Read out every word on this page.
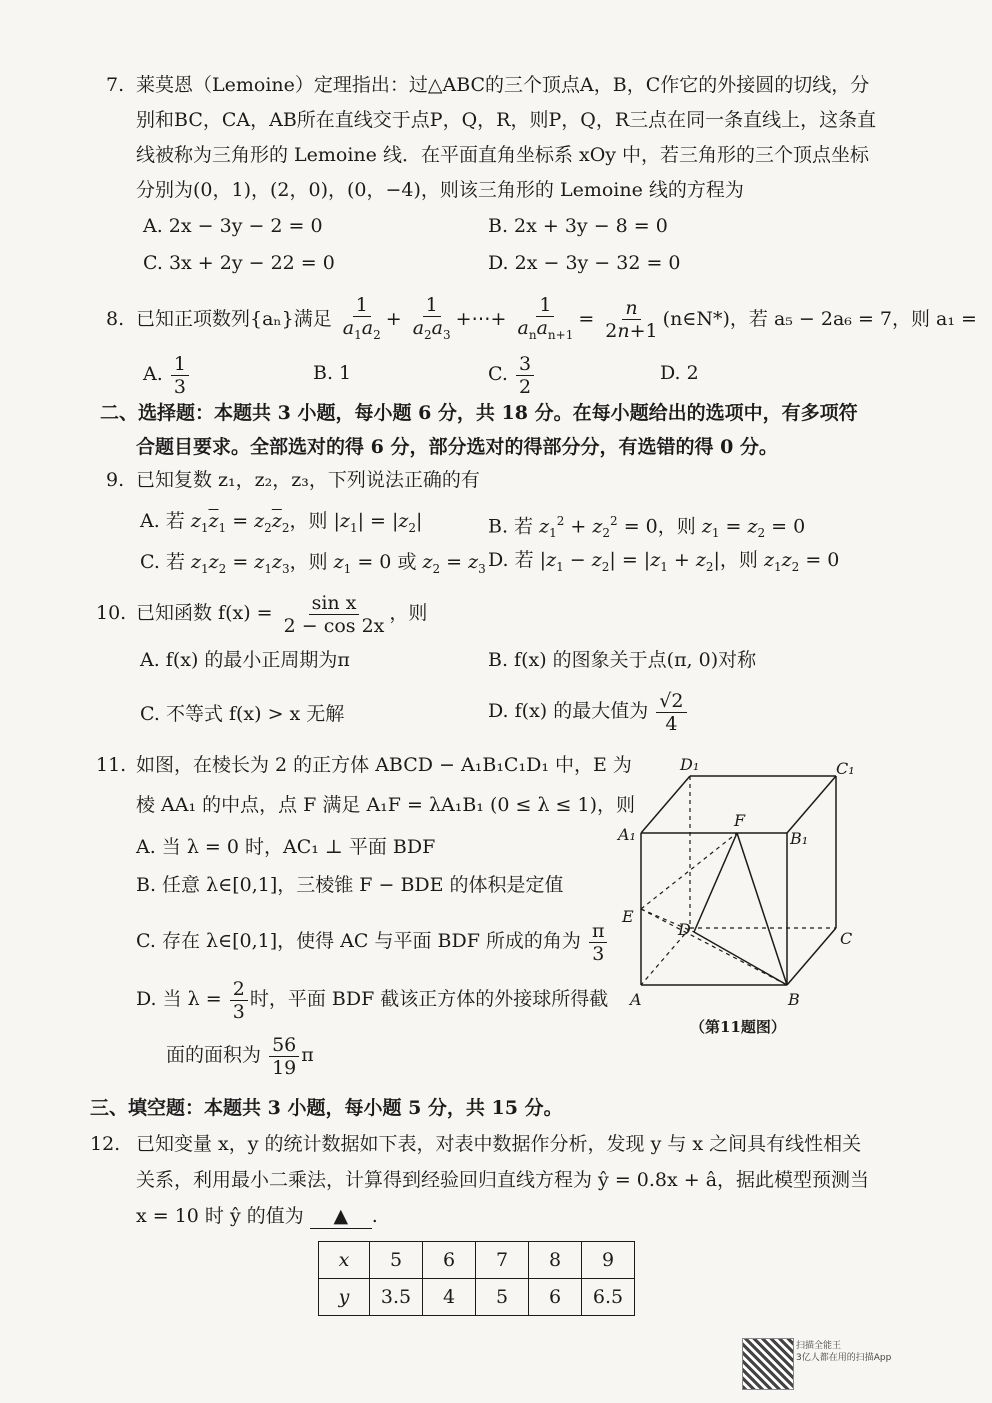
7. 莱莫恩（Lemoine）定理指出：过△ABC的三个顶点A，B，C作它的外接圆的切线，分
别和BC，CA，AB所在直线交于点P，Q，R，则P，Q，R三点在同一条直线上，这条直
线被称为三角形的 Lemoine 线．在平面直角坐标系 xOy 中，若三角形的三个顶点坐标
分别为(0，1)，(2，0)，(0，−4)，则该三角形的 Lemoine 线的方程为
A. 2x − 3y − 2 = 0	B. 2x + 3y − 8 = 0
C. 3x + 2y − 22 = 0	D. 2x − 3y − 32 = 0
8. 已知正项数列{aₙ}满足 $\frac{1}{a_1a_2} + \frac{1}{a_2a_3}$ +⋯+ $\frac{1}{a_na_{n+1}} = \frac{n}{2n+1}$ (n∈N*)，若 a₅ − 2a₆ = 7，则 a₁ =
A. $\frac{1}{3}$	B. 1	C. $\frac{3}{2}$	D. 2
二、选择题：本题共 3 小题，每小题 6 分，共 18 分。在每小题给出的选项中，有多项符
合题目要求。全部选对的得 6 分，部分选对的得部分分，有选错的得 0 分。
9. 已知复数 z₁，z₂，z₃，下列说法正确的有
A. 若 $z_1\overline{z}_1 = z_2\overline{z}_2$，则 $|z_1| = |z_2|$	B. 若 $z_1^2 + z_2^2 = 0$，则 $z_1 = z_2 = 0$
C. 若 $z_1z_2 = z_1z_3$，则 $z_1 = 0$ 或 $z_2 = z_3$ D. 若 $|z_1 - z_2| = |z_1 + z_2|$，则 $z_1z_2 = 0$
10. 已知函数 $f(x) = \frac{\text{sin x}}{2 - \cos 2x}$ ，则
A. f(x) 的最小正周期为π	B. f(x) 的图象关于点(π, 0)对称
C. 不等式 f(x) > x 无解	D. f(x) 的最大值为 $\frac{√2}{4}$
11. 如图，在棱长为 2 的正方体 ABCD − A₁B₁C₁D₁ 中，E 为
棱 AA₁ 的中点，点 F 满足 A₁F = λA₁B₁ (0 ≤ λ ≤ 1)，则
A. 当 λ = 0 时，AC₁ ⊥ 平面 BDF
B. 任意 λ∈[0,1]，三棱锥 F − BDE 的体积是定值
C. 存在 λ∈[0,1]，使得 AC 与平面 BDF 所成的角为 $\frac{\pi}{3}$
D. 当 $\lambda = \frac{2}{3}$ 时，平面 BDF 截该正方体的外接球所得截
面的面积为 $\frac{56}{19}$ π
D₁	C₁
A₁	B₁
F
E
D	C
A	B
（第11题图）
三、填空题：本题共 3 小题，每小题 5 分，共 15 分。
12. 已知变量 x，y 的统计数据如下表，对表中数据作分析，发现 y 与 x 之间具有线性相关
关系，利用最小二乘法，计算得到经验回归直线方程为 ŷ = 0.8x + â，据此模型预测当
x = 10 时 ŷ 的值为 ▲ .
x	5	6	7	8	9
y	3.5	4	5	6	6.5
扫描全能王
3亿人都在用的扫描App
